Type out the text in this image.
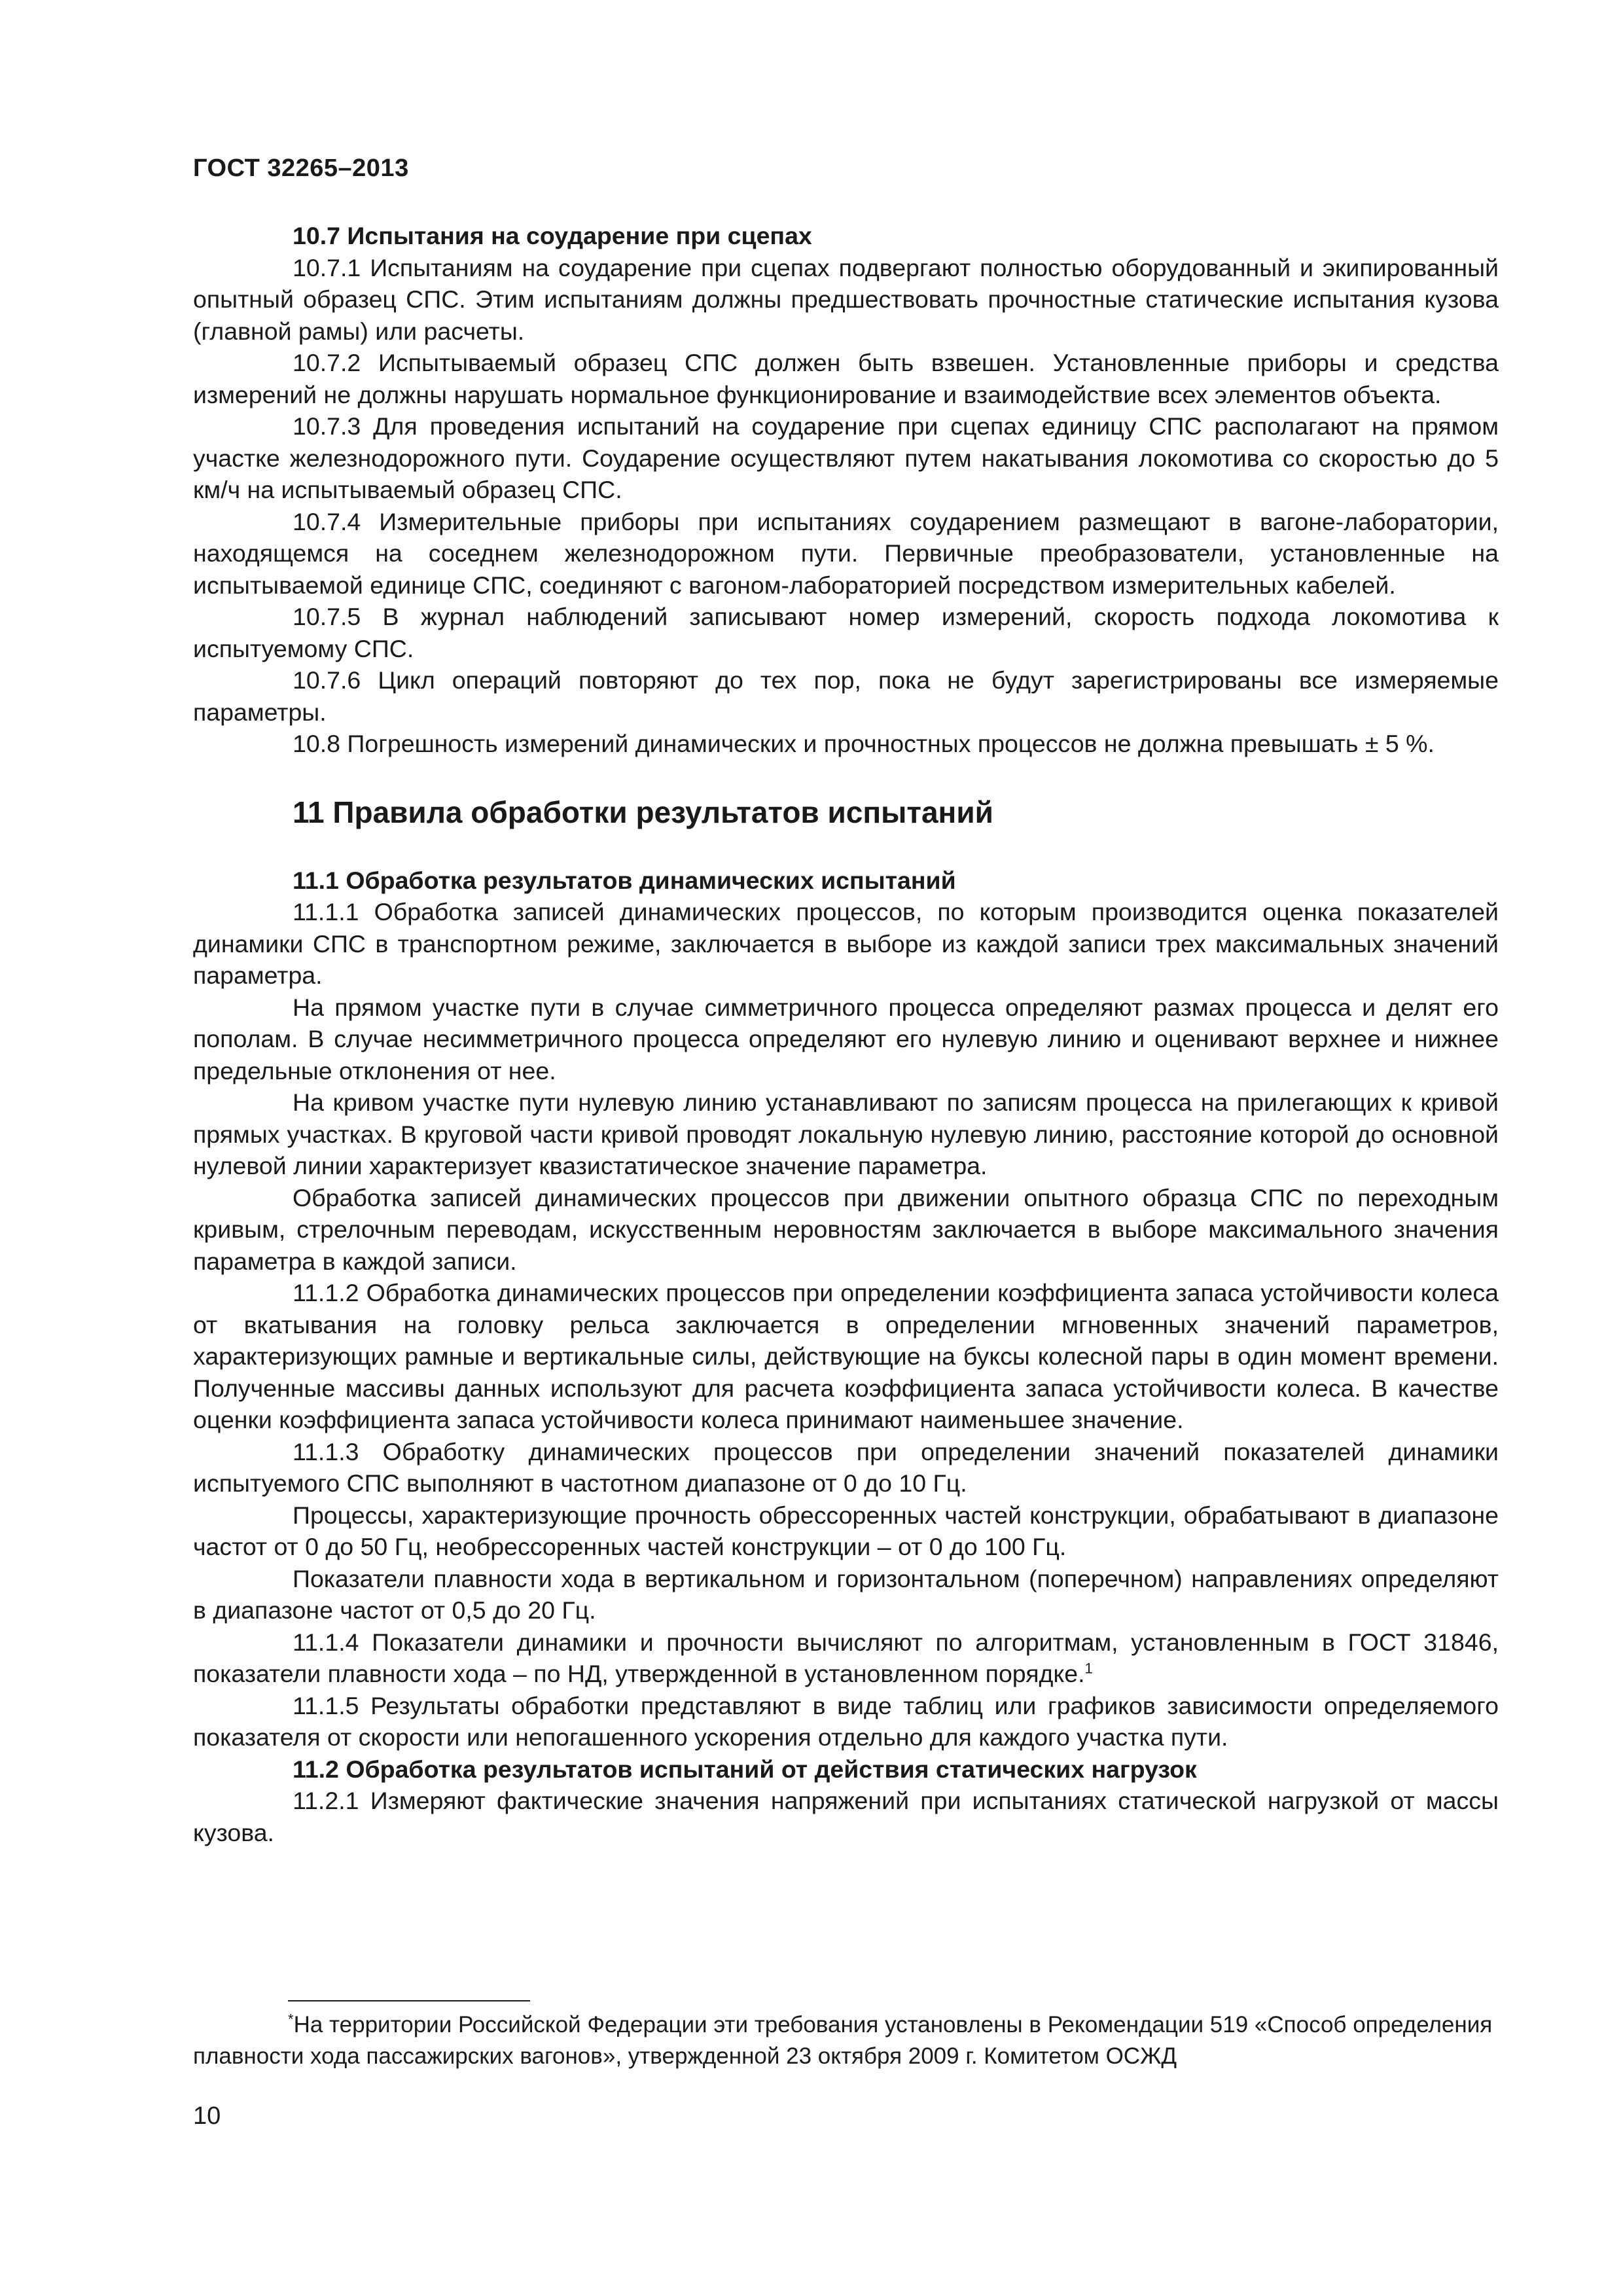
ГОСТ 32265–2013

10.7 Испытания на соударение при сцепах

10.7.1 Испытаниям на соударение при сцепах подвергают полностью оборудованный и экипированный опытный образец СПС. Этим испытаниям должны предшествовать прочностные статические испытания кузова (главной рамы) или расчеты.

10.7.2 Испытываемый образец СПС должен быть взвешен. Установленные приборы и средства измерений не должны нарушать нормальное функционирование и взаимодействие всех элементов объекта.

10.7.3 Для проведения испытаний на соударение при сцепах единицу СПС располагают на прямом участке железнодорожного пути. Соударение осуществляют путем накатывания локомотива со скоростью до 5 км/ч на испытываемый образец СПС.

10.7.4 Измерительные приборы при испытаниях соударением размещают в вагоне-лаборатории, находящемся на соседнем железнодорожном пути. Первичные преобразователи, установленные на испытываемой единице СПС, соединяют с вагоном-лабораторией посредством измерительных кабелей.

10.7.5 В журнал наблюдений записывают номер измерений, скорость подхода локомотива к испытуемому СПС.

10.7.6 Цикл операций повторяют до тех пор, пока не будут зарегистрированы все измеряемые параметры.

10.8 Погрешность измерений динамических и прочностных процессов не должна превышать ± 5 %.

11 Правила обработки результатов испытаний

11.1 Обработка результатов динамических испытаний

11.1.1 Обработка записей динамических процессов, по которым производится оценка показателей динамики СПС в транспортном режиме, заключается в выборе из каждой записи трех максимальных значений параметра.

На прямом участке пути в случае симметричного процесса определяют размах процесса и делят его пополам. В случае несимметричного процесса определяют его нулевую линию и оценивают верхнее и нижнее предельные отклонения от нее.

На кривом участке пути нулевую линию устанавливают по записям процесса на прилегающих к кривой прямых участках. В круговой части кривой проводят локальную нулевую линию, расстояние которой до основной нулевой линии характеризует квазистатическое значение параметра.

Обработка записей динамических процессов при движении опытного образца СПС по переходным кривым, стрелочным переводам, искусственным неровностям заключается в выборе максимального значения параметра в каждой записи.

11.1.2 Обработка динамических процессов при определении коэффициента запаса устойчивости колеса от вкатывания на головку рельса заключается в определении мгновенных значений параметров, характеризующих рамные и вертикальные силы, действующие на буксы колесной пары в один момент времени. Полученные массивы данных используют для расчета коэффициента запаса устойчивости колеса. В качестве оценки коэффициента запаса устойчивости колеса принимают наименьшее значение.

11.1.3 Обработку динамических процессов при определении значений показателей динамики испытуемого СПС выполняют в частотном диапазоне от 0 до 10 Гц.

Процессы, характеризующие прочность обрессоренных частей конструкции, обрабатывают в диапазоне частот от 0 до 50 Гц, необрессоренных частей конструкции – от 0 до 100 Гц.

Показатели плавности хода в вертикальном и горизонтальном (поперечном) направлениях определяют в диапазоне частот от 0,5 до 20 Гц.

11.1.4 Показатели динамики и прочности вычисляют по алгоритмам, установленным в ГОСТ 31846, показатели плавности хода – по НД, утвержденной в установленном порядке.$^1$

11.1.5 Результаты обработки представляют в виде таблиц или графиков зависимости определяемого показателя от скорости или непогашенного ускорения отдельно для каждого участка пути.

11.2 Обработка результатов испытаний от действия статических нагрузок

11.2.1 Измеряют фактические значения напряжений при испытаниях статической нагрузкой от массы кузова.

*На территории Российской Федерации эти требования установлены в Рекомендации 519 «Способ определения плавности хода пассажирских вагонов», утвержденной 23 октября 2009 г. Комитетом ОСЖД

10
